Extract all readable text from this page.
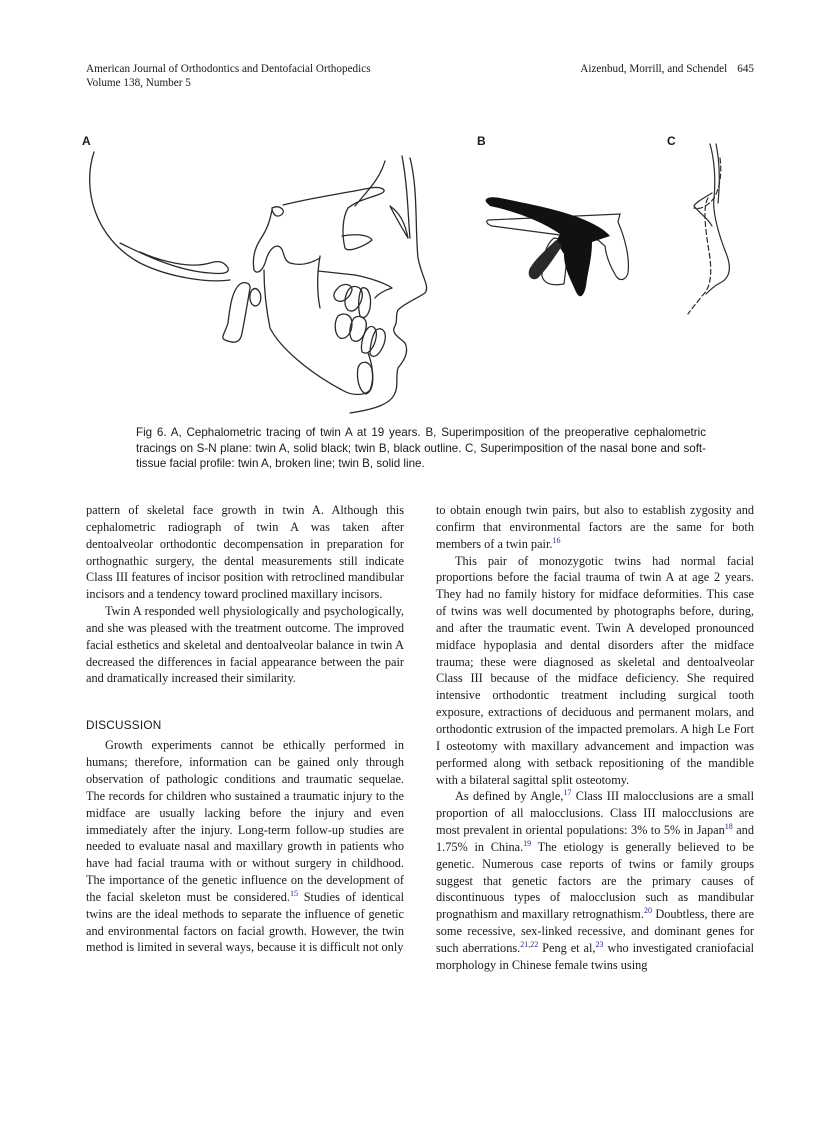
American Journal of Orthodontics and Dentofacial Orthopedics
Volume 138, Number 5
Aizenbud, Morrill, and Schendel 645
A	B	C
Fig 6. A, Cephalometric tracing of twin A at 19 years. B, Superimposition of the preoperative cephalometric tracings on S-N plane: twin A, solid black; twin B, black outline. C, Superimposition of the nasal bone and soft-tissue facial profile: twin A, broken line; twin B, solid line.

pattern of skeletal face growth in twin A. Although this cephalometric radiograph of twin A was taken after dentoalveolar orthodontic decompensation in preparation for orthognathic surgery, the dental measurements still indicate Class III features of incisor position with retroclined mandibular incisors and a tendency toward proclined maxillary incisors.

Twin A responded well physiologically and psychologically, and she was pleased with the treatment outcome. The improved facial esthetics and skeletal and dentoalveolar balance in twin A decreased the differences in facial appearance between the pair and dramatically increased their similarity.

DISCUSSION

Growth experiments cannot be ethically performed in humans; therefore, information can be gained only through observation of pathologic conditions and traumatic sequelae. The records for children who sustained a traumatic injury to the midface are usually lacking before the injury and even immediately after the injury. Long-term follow-up studies are needed to evaluate nasal and maxillary growth in patients who have had facial trauma with or without surgery in childhood. The importance of the genetic influence on the development of the facial skeleton must be considered.$^{15}$ Studies of identical twins are the ideal methods to separate the influence of genetic and environmental factors on facial growth. However, the twin method is limited in several ways, because it is difficult not only

to obtain enough twin pairs, but also to establish zygosity and confirm that environmental factors are the same for both members of a twin pair.$^{16}$

This pair of monozygotic twins had normal facial proportions before the facial trauma of twin A at age 2 years. They had no family history for midface deformities. This case of twins was well documented by photographs before, during, and after the traumatic event. Twin A developed pronounced midface hypoplasia and dental disorders after the midface trauma; these were diagnosed as skeletal and dentoalveolar Class III because of the midface deficiency. She required intensive orthodontic treatment including surgical tooth exposure, extractions of deciduous and permanent molars, and orthodontic extrusion of the impacted premolars. A high Le Fort I osteotomy with maxillary advancement and impaction was performed along with setback repositioning of the mandible with a bilateral sagittal split osteotomy.

As defined by Angle,$^{17}$ Class III malocclusions are a small proportion of all malocclusions. Class III malocclusions are most prevalent in oriental populations: 3% to 5% in Japan$^{18}$ and 1.75% in China.$^{19}$ The etiology is generally believed to be genetic. Numerous case reports of twins or family groups suggest that genetic factors are the primary causes of discontinuous types of malocclusion such as mandibular prognathism and maxillary retrognathism.$^{20}$ Doubtless, there are some recessive, sex-linked recessive, and dominant genes for such aberrations.$^{21,22}$ Peng et al,$^{23}$ who investigated craniofacial morphology in Chinese female twins using
